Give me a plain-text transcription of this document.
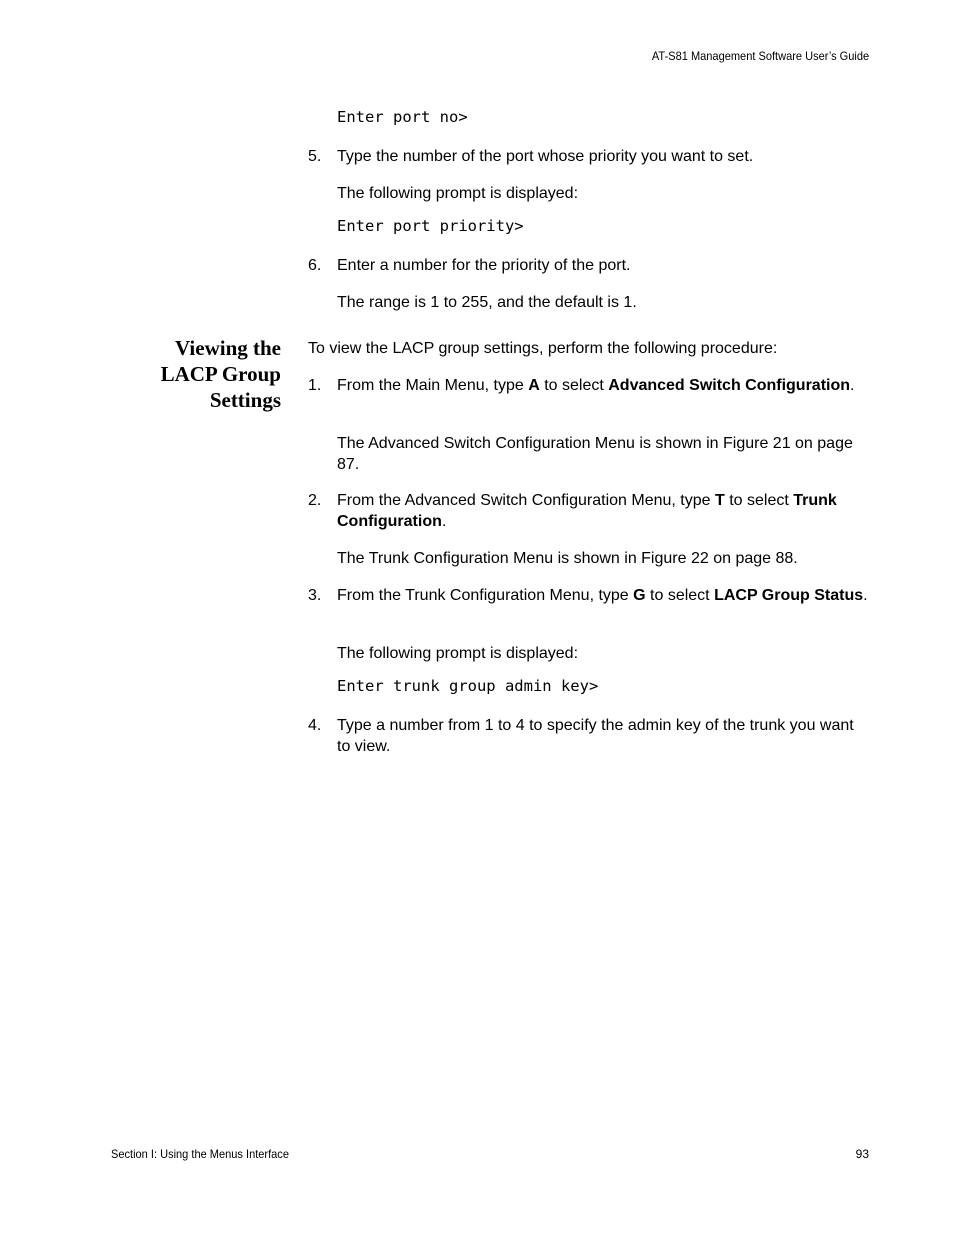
AT-S81 Management Software User’s Guide
Enter port no>
5. Type the number of the port whose priority you want to set.
The following prompt is displayed:
Enter port priority>
6. Enter a number for the priority of the port.
The range is 1 to 255, and the default is 1.
Viewing the
LACP Group
Settings
To view the LACP group settings, perform the following procedure:
1. From the Main Menu, type A to select Advanced Switch Configuration.
The Advanced Switch Configuration Menu is shown in Figure 21 on page 87.
2. From the Advanced Switch Configuration Menu, type T to select Trunk Configuration.
The Trunk Configuration Menu is shown in Figure 22 on page 88.
3. From the Trunk Configuration Menu, type G to select LACP Group Status.
The following prompt is displayed:
Enter trunk group admin key>
4. Type a number from 1 to 4 to specify the admin key of the trunk you want to view.
Section I: Using the Menus Interface	93
